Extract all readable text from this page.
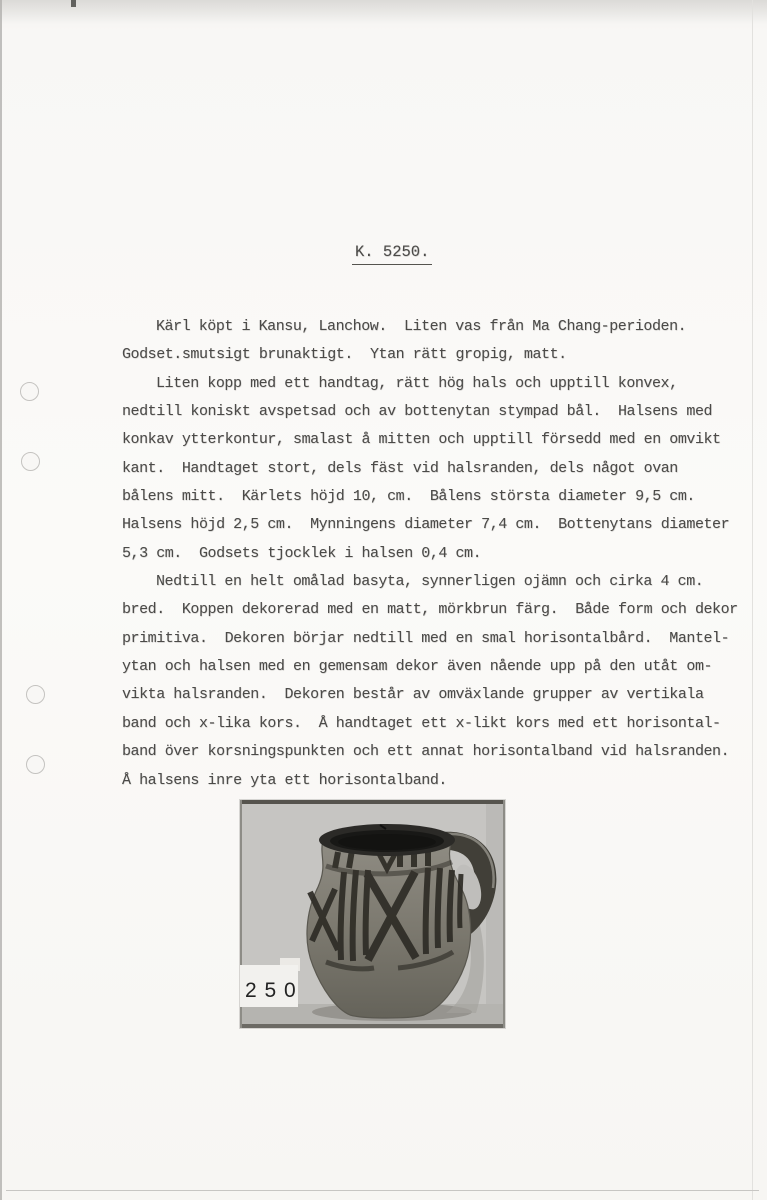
K. 5250.
Kärl köpt i Kansu, Lanchow.  Liten vas från Ma Chang-perioden.
Godset.smutsigt brunaktigt.  Ytan rätt gropig, matt.
Liten kopp med ett handtag, rätt hög hals och upptill konvex,
nedtill koniskt avspetsad och av bottenytan stympad bål.  Halsens med
konkav ytterkontur, smalast å mitten och upptill försedd med en omvikt
kant.  Handtaget stort, dels fäst vid halsranden, dels något ovan
bålens mitt.  Kärlets höjd 10, cm.  Bålens största diameter 9,5 cm.
Halsens höjd 2,5 cm.  Mynningens diameter 7,4 cm.  Bottenytans diameter
5,3 cm.  Godsets tjocklek i halsen 0,4 cm.
Nedtill en helt omålad basyta, synnerligen ojämn och cirka 4 cm.
bred.  Koppen dekorerad med en matt, mörkbrun färg.  Både form och dekor
primitiva.  Dekoren börjar nedtill med en smal horisontalbård.  Mantel-
ytan och halsen med en gemensam dekor även nående upp på den utåt om-
vikta halsranden.  Dekoren består av omväxlande grupper av vertikala
band och x-lika kors.  Å handtaget ett x-likt kors med ett horisontal-
band över korsningspunkten och ett annat horisontalband vid halsranden.
Å halsens inre yta ett horisontalband.
2 5 0
